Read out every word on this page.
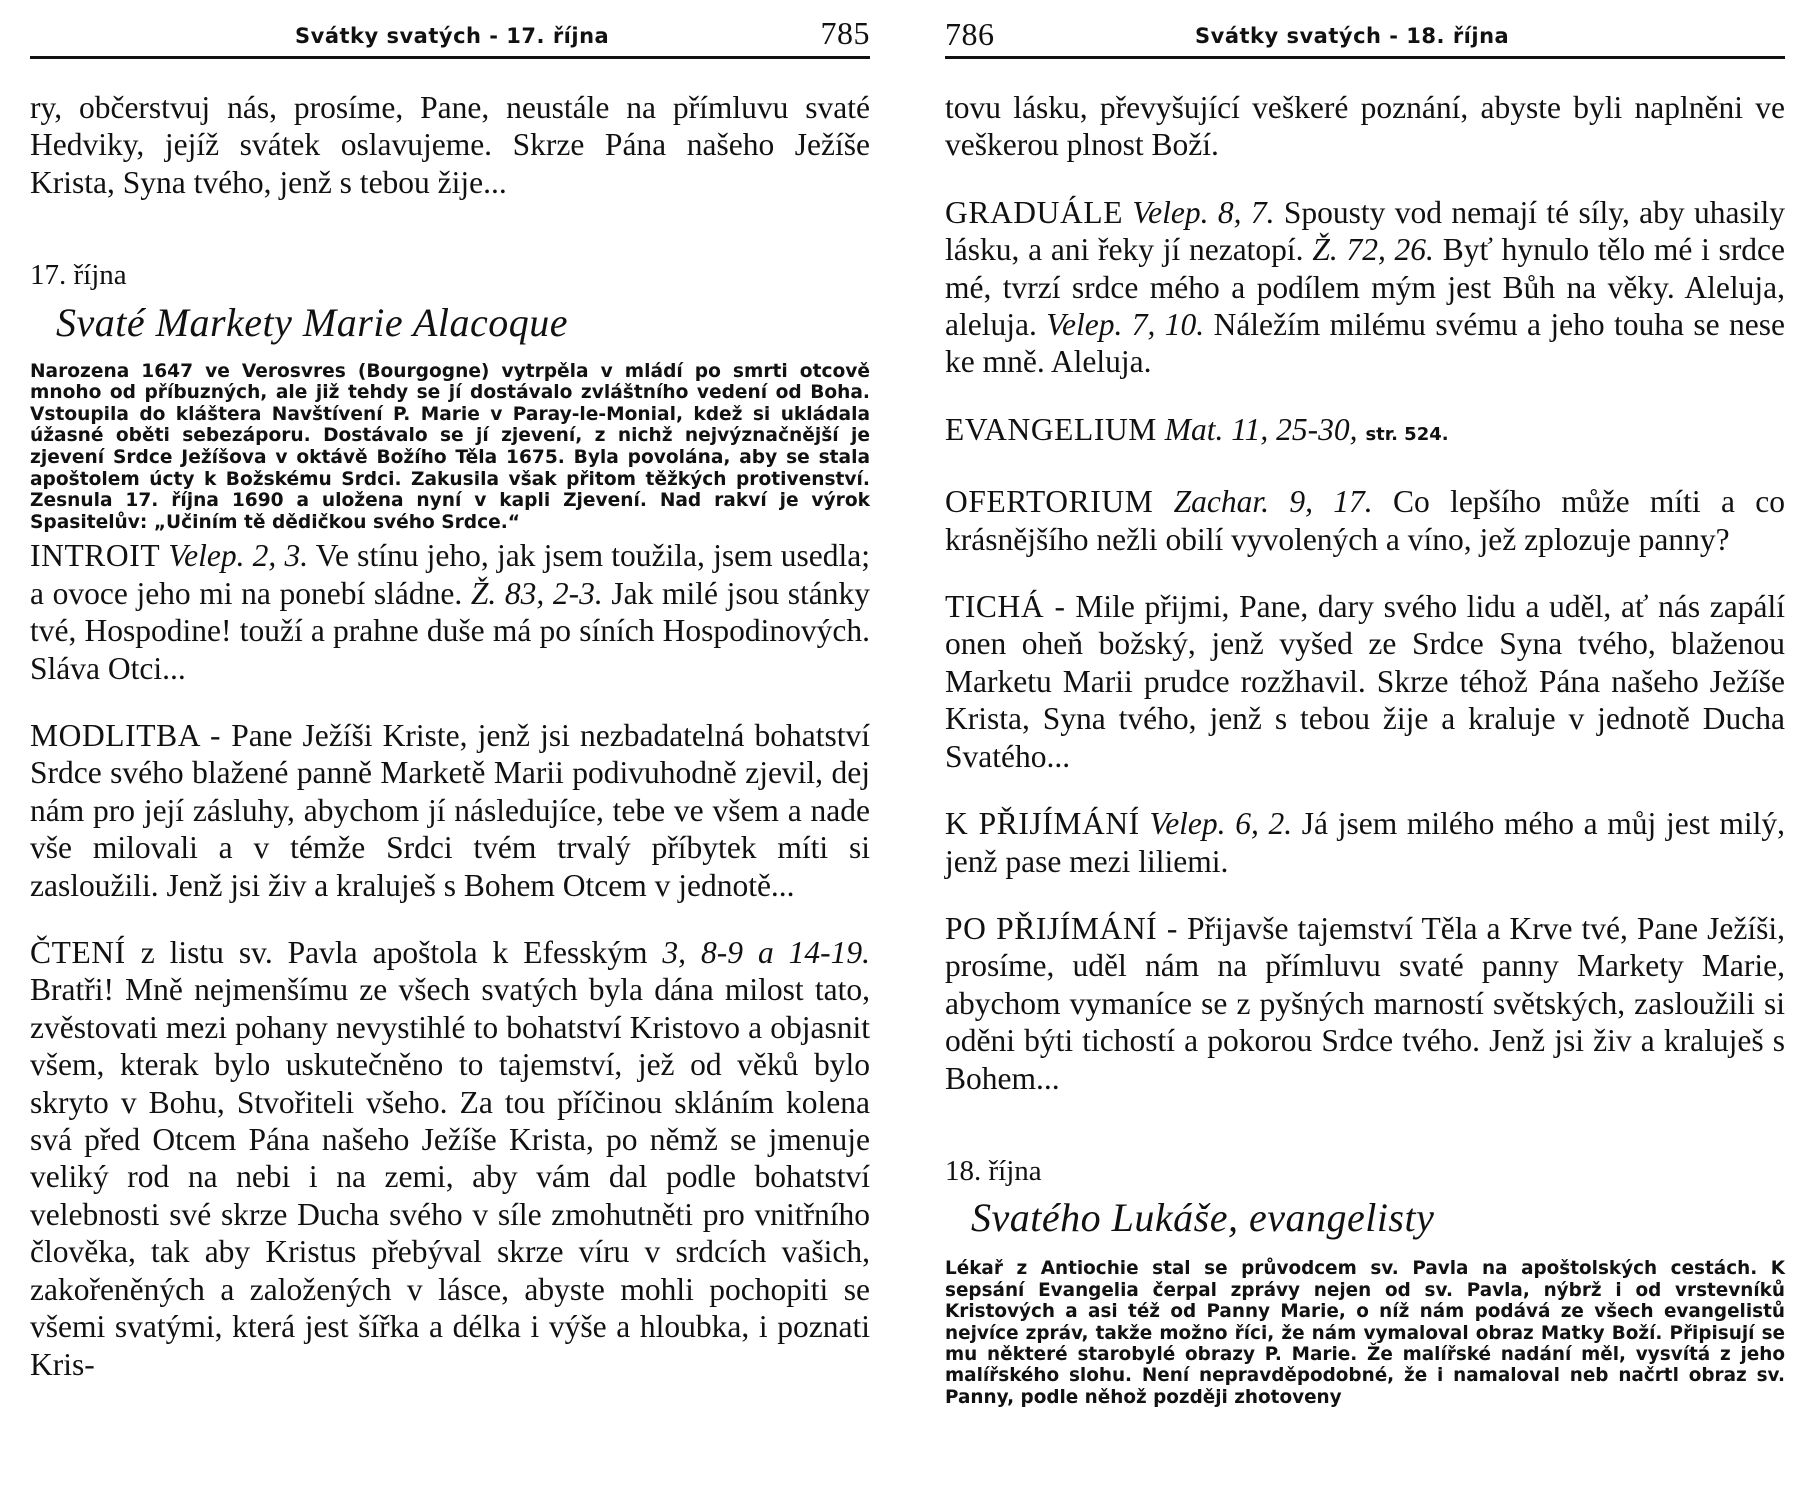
Svátky svatých - 17. října	785

ry, občerstvuj nás, prosíme, Pane, neustále na přímluvu svaté Hedviky, jejíž svátek oslavujeme. Skrze Pána našeho Ježíše Krista, Syna tvého, jenž s tebou žije...

17. října
Svaté Markety Marie Alacoque

Narozena 1647 ve Verosvres (Bourgogne) vytrpěla v mládí po smrti otcově mnoho od příbuzných, ale již tehdy se jí dostávalo zvláštního vedení od Boha. Vstoupila do kláštera Navštívení P. Marie v Paray-le-Monial, kdež si ukládala úžasné oběti sebezáporu. Dostávalo se jí zjevení, z nichž nejvýznačnější je zjevení Srdce Ježíšova v oktávě Božího Těla 1675. Byla povolána, aby se stala apoštolem úcty k Božskému Srdci. Zakusila však přitom těžkých protivenství. Zesnula 17. října 1690 a uložena nyní v kapli Zjevení. Nad rakví je výrok Spasitelův: „Učiním tě dědičkou svého Srdce.“

INTROIT Velep. 2, 3. Ve stínu jeho, jak jsem toužila, jsem usedla; a ovoce jeho mi na ponebí sládne. Ž. 83, 2-3. Jak milé jsou stánky tvé, Hospodine! touží a prahne duše má po síních Hospodinových. Sláva Otci...

MODLITBA - Pane Ježíši Kriste, jenž jsi nezbadatelná bohatství Srdce svého blažené panně Marketě Marii podivuhodně zjevil, dej nám pro její zásluhy, abychom jí následujíce, tebe ve všem a nade vše milovali a v témže Srdci tvém trvalý příbytek míti si zasloužili. Jenž jsi živ a kraluješ s Bohem Otcem v jednotě...

ČTENÍ z listu sv. Pavla apoštola k Efesským 3, 8-9 a 14-19. Bratři! Mně nejmenšímu ze všech svatých byla dána milost tato, zvěstovati mezi pohany nevystihlé to bohatství Kristovo a objasnit všem, kterak bylo uskutečněno to tajemství, jež od věků bylo skryto v Bohu, Stvořiteli všeho. Za tou příčinou skláním kolena svá před Otcem Pána našeho Ježíše Krista, po němž se jmenuje veliký rod na nebi i na zemi, aby vám dal podle bohatství velebnosti své skrze Ducha svého v síle zmohutněti pro vnitřního člověka, tak aby Kristus přebýval skrze víru v srdcích vašich, zakořeněných a založených v lásce, abyste mohli pochopiti se všemi svatými, která jest šířka a délka i výše a hloubka, i poznati Kris-

786	Svátky svatých - 18. října

tovu lásku, převyšující veškeré poznání, abyste byli naplněni ve veškerou plnost Boží.

GRADUÁLE Velep. 8, 7. Spousty vod nemají té síly, aby uhasily lásku, a ani řeky jí nezatopí. Ž. 72, 26. Byť hynulo tělo mé i srdce mé, tvrzí srdce mého a podílem mým jest Bůh na věky. Aleluja, aleluja. Velep. 7, 10. Náležím milému svému a jeho touha se nese ke mně. Aleluja.

EVANGELIUM Mat. 11, 25-30, str. 524.

OFERTORIUM Zachar. 9, 17. Co lepšího může míti a co krásnějšího nežli obilí vyvolených a víno, jež zplozuje panny?

TICHÁ - Mile přijmi, Pane, dary svého lidu a uděl, ať nás zapálí onen oheň božský, jenž vyšed ze Srdce Syna tvého, blaženou Marketu Marii prudce rozžhavil. Skrze téhož Pána našeho Ježíše Krista, Syna tvého, jenž s tebou žije a kraluje v jednotě Ducha Svatého...

K PŘIJÍMÁNÍ Velep. 6, 2. Já jsem milého mého a můj jest milý, jenž pase mezi liliemi.

PO PŘIJÍMÁNÍ - Přijavše tajemství Těla a Krve tvé, Pane Ježíši, prosíme, uděl nám na přímluvu svaté panny Markety Marie, abychom vymaníce se z pyšných marností světských, zasloužili si oděni býti tichostí a pokorou Srdce tvého. Jenž jsi živ a kraluješ s Bohem...

18. října
Svatého Lukáše, evangelisty

Lékař z Antiochie stal se průvodcem sv. Pavla na apoštolských cestách. K sepsání Evangelia čerpal zprávy nejen od sv. Pavla, nýbrž i od vrstevníků Kristových a asi též od Panny Marie, o níž nám podává ze všech evangelistů nejvíce zpráv, takže možno říci, že nám vymaloval obraz Matky Boží. Připisují se mu některé starobylé obrazy P. Marie. Že malířské nadání měl, vysvítá z jeho malířského slohu. Není nepravděpodobné, že i namaloval neb načrtl obraz sv. Panny, podle něhož později zhotoveny
